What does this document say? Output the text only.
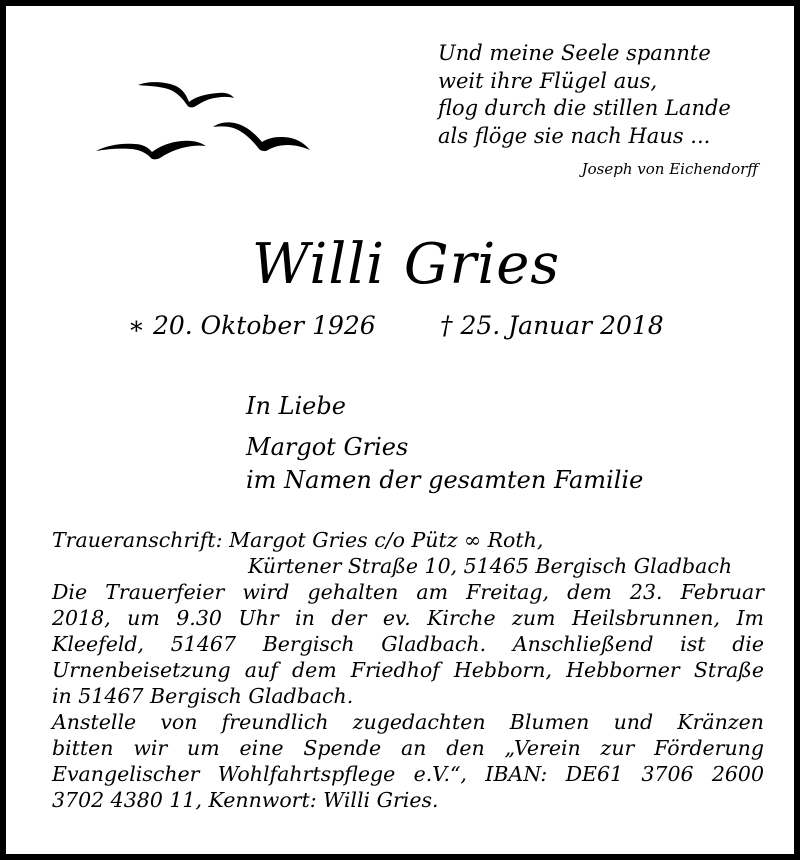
Und meine Seele spannte
weit ihre Flügel aus,
flog durch die stillen Lande
als flöge sie nach Haus ...
Joseph von Eichendorff
Willi Gries
∗ 20. Oktober 1926	† 25. Januar 2018
In Liebe
Margot Gries
im Namen der gesamten Familie
Traueranschrift: Margot Gries c/o Pütz ∞ Roth,
Kürtener Straße 10, 51465 Bergisch Gladbach
Die Trauerfeier wird gehalten am Freitag, dem 23. Februar
2018, um 9.30 Uhr in der ev. Kirche zum Heilsbrunnen, Im
Kleefeld, 51467 Bergisch Gladbach. Anschließend ist die
Urnenbeisetzung auf dem Friedhof Hebborn, Hebborner Straße
in 51467 Bergisch Gladbach.
Anstelle von freundlich zugedachten Blumen und Kränzen
bitten wir um eine Spende an den „Verein zur Förderung
Evangelischer Wohlfahrtspflege e.V.“, IBAN: DE61 3706 2600
3702 4380 11, Kennwort: Willi Gries.
